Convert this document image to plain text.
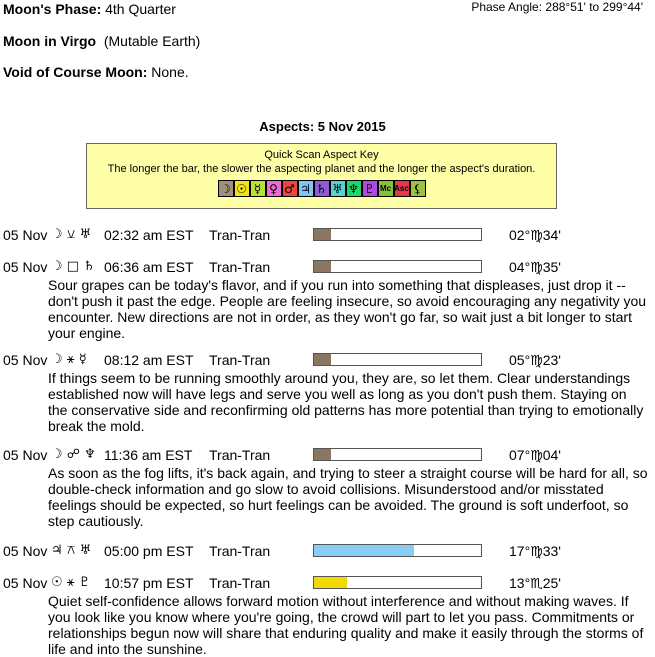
Moon's Phase: 4th Quarter	Phase Angle: 288°51' to 299°44'
Moon in Virgo (Mutable Earth)
Void of Course Moon: None.
Aspects: 5 Nov 2015
Quick Scan Aspect Key
The longer the bar, the slower the aspecting planet and the longer the aspect's duration.
☽ ☉ ☿ ♀ ♂ ♃ ♄ ♅ ♆ ♇ Mc Asc ⚸
05 Nov ☽ ⚺ ♅ 02:32 am EST Tran-Tran	02°♍34'
05 Nov ☽ □ ♄ 06:36 am EST Tran-Tran	04°♍35'
Sour grapes can be today's flavor, and if you run into something that displeases, just drop it -- don't push it past the edge. People are feeling insecure, so avoid encouraging any negativity you encounter. New directions are not in order, as they won't go far, so wait just a bit longer to start your engine.
05 Nov ☽ ⚹ ☿ 08:12 am EST Tran-Tran	05°♍23'
If things seem to be running smoothly around you, they are, so let them. Clear understandings established now will have legs and serve you well as long as you don't push them. Staying on the conservative side and reconfirming old patterns has more potential than trying to emotionally break the mold.
05 Nov ☽ ☍ ♆ 11:36 am EST Tran-Tran	07°♍04'
As soon as the fog lifts, it's back again, and trying to steer a straight course will be hard for all, so double-check information and go slow to avoid collisions. Misunderstood and/or misstated feelings should be expected, so hurt feelings can be avoided. The ground is soft underfoot, so step cautiously.
05 Nov ♃ ⚻ ♅ 05:00 pm EST Tran-Tran	17°♍33'
05 Nov ☉ ⚹ ♇ 10:57 pm EST Tran-Tran	13°♏25'
Quiet self-confidence allows forward motion without interference and without making waves. If you look like you know where you're going, the crowd will part to let you pass. Commitments or relationships begun now will share that enduring quality and make it easily through the storms of life and into the sunshine.
